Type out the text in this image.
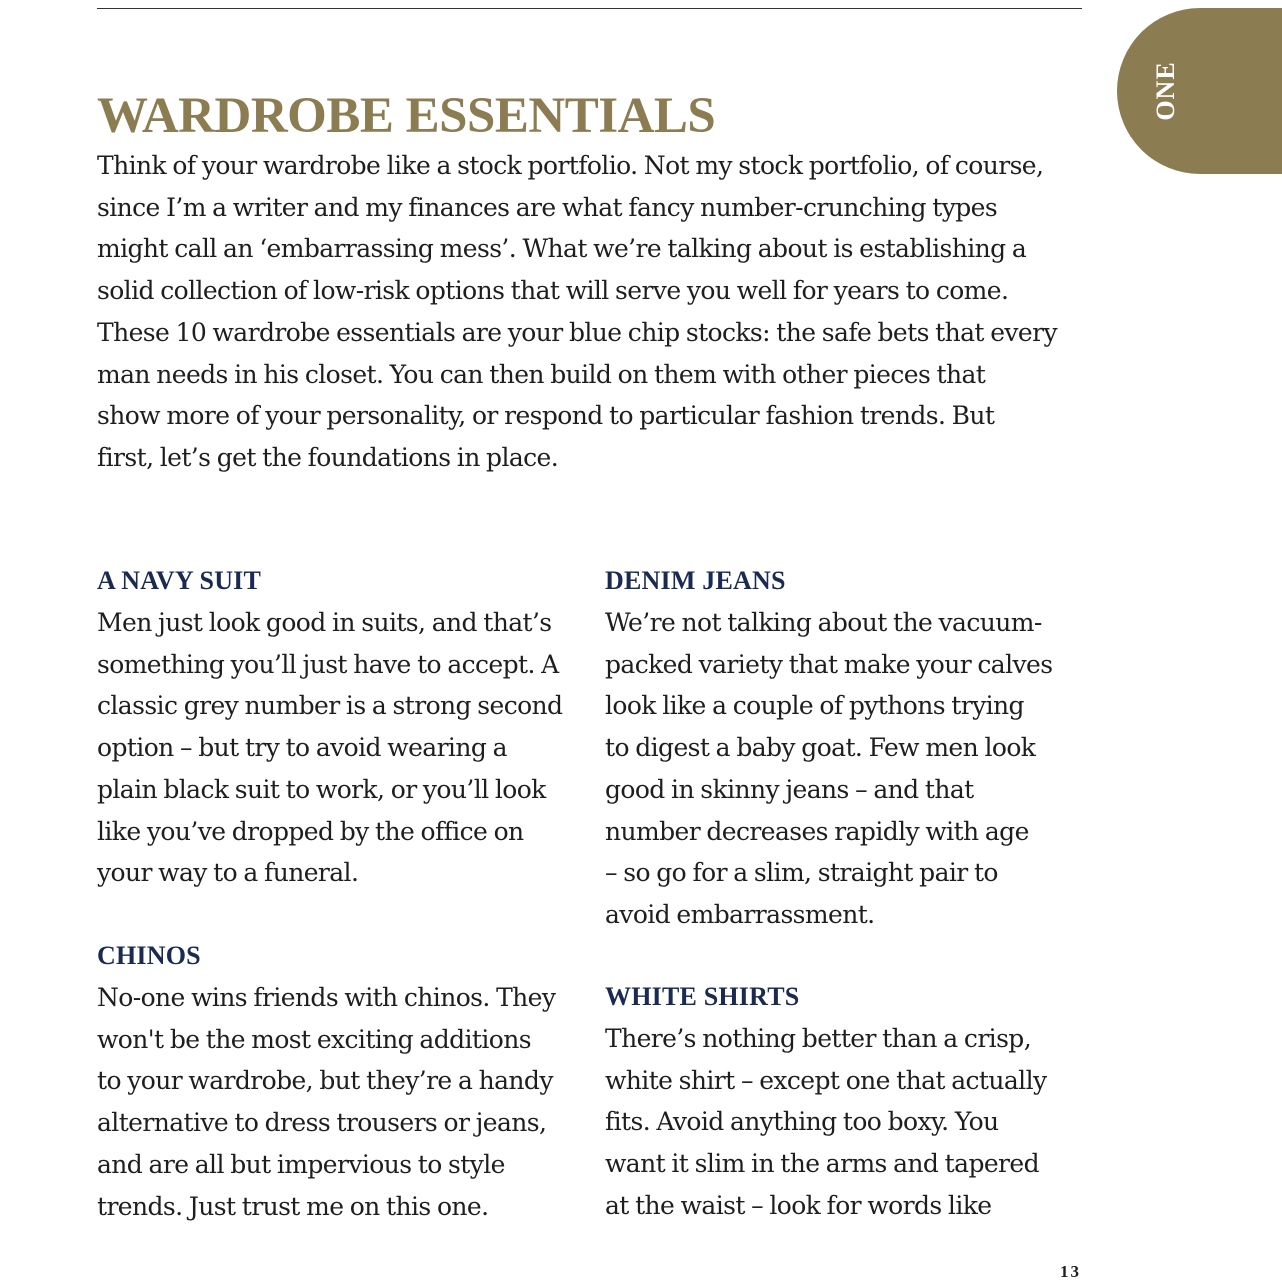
ONE
WARDROBE ESSENTIALS

Think of your wardrobe like a stock portfolio. Not my stock portfolio, of course,
since I’m a writer and my finances are what fancy number-crunching types
might call an ‘embarrassing mess’. What we’re talking about is establishing a
solid collection of low-risk options that will serve you well for years to come.
These 10 wardrobe essentials are your blue chip stocks: the safe bets that every
man needs in his closet. You can then build on them with other pieces that
show more of your personality, or respond to particular fashion trends. But
first, let’s get the foundations in place.

A NAVY SUIT

Men just look good in suits, and that’s
something you’ll just have to accept. A
classic grey number is a strong second
option – but try to avoid wearing a
plain black suit to work, or you’ll look
like you’ve dropped by the office on
your way to a funeral.

CHINOS

No-one wins friends with chinos. They
won't be the most exciting additions
to your wardrobe, but they’re a handy
alternative to dress trousers or jeans,
and are all but impervious to style
trends. Just trust me on this one.

DENIM JEANS

We’re not talking about the vacuum-
packed variety that make your calves
look like a couple of pythons trying
to digest a baby goat. Few men look
good in skinny jeans – and that
number decreases rapidly with age
– so go for a slim, straight pair to
avoid embarrassment.

WHITE SHIRTS

There’s nothing better than a crisp,
white shirt – except one that actually
fits. Avoid anything too boxy. You
want it slim in the arms and tapered
at the waist – look for words like

13
